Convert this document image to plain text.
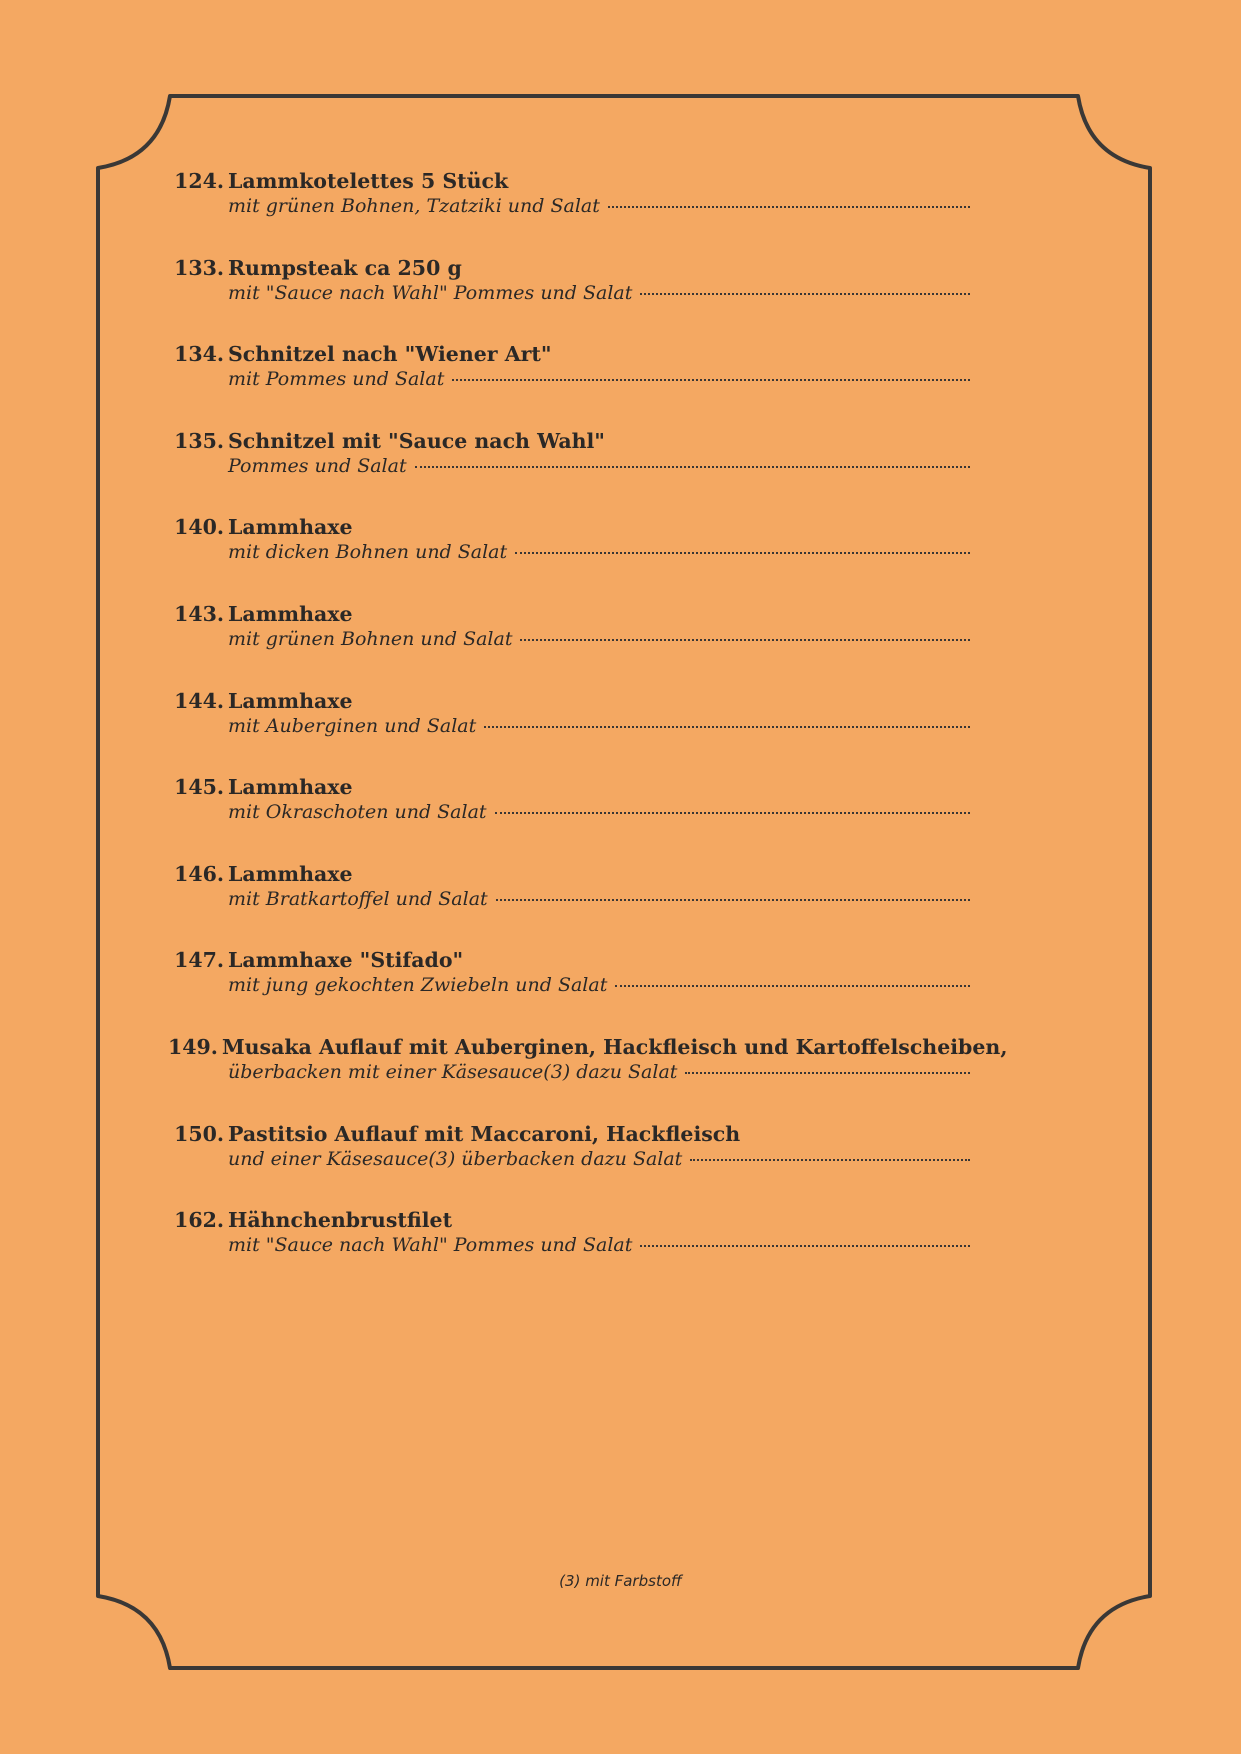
124. Lammkotelettes 5 Stück
mit grünen Bohnen, Tzatziki und Salat
133. Rumpsteak ca 250 g
mit "Sauce nach Wahl" Pommes und Salat
134. Schnitzel nach "Wiener Art"
mit Pommes und Salat
135. Schnitzel mit "Sauce nach Wahl"
Pommes und Salat
140. Lammhaxe
mit dicken Bohnen und Salat
143. Lammhaxe
mit grünen Bohnen und Salat
144. Lammhaxe
mit Auberginen und Salat
145. Lammhaxe
mit Okraschoten und Salat
146. Lammhaxe
mit Bratkartoffel und Salat
147. Lammhaxe "Stifado"
mit jung gekochten Zwiebeln und Salat
149. Musaka Auflauf mit Auberginen, Hackfleisch und Kartoffelscheiben,
überbacken mit einer Käsesauce(3) dazu Salat
150. Pastitsio Auflauf mit Maccaroni, Hackfleisch
und einer Käsesauce(3) überbacken dazu Salat
162. Hähnchenbrustfilet
mit "Sauce nach Wahl" Pommes und Salat
(3) mit Farbstoff
